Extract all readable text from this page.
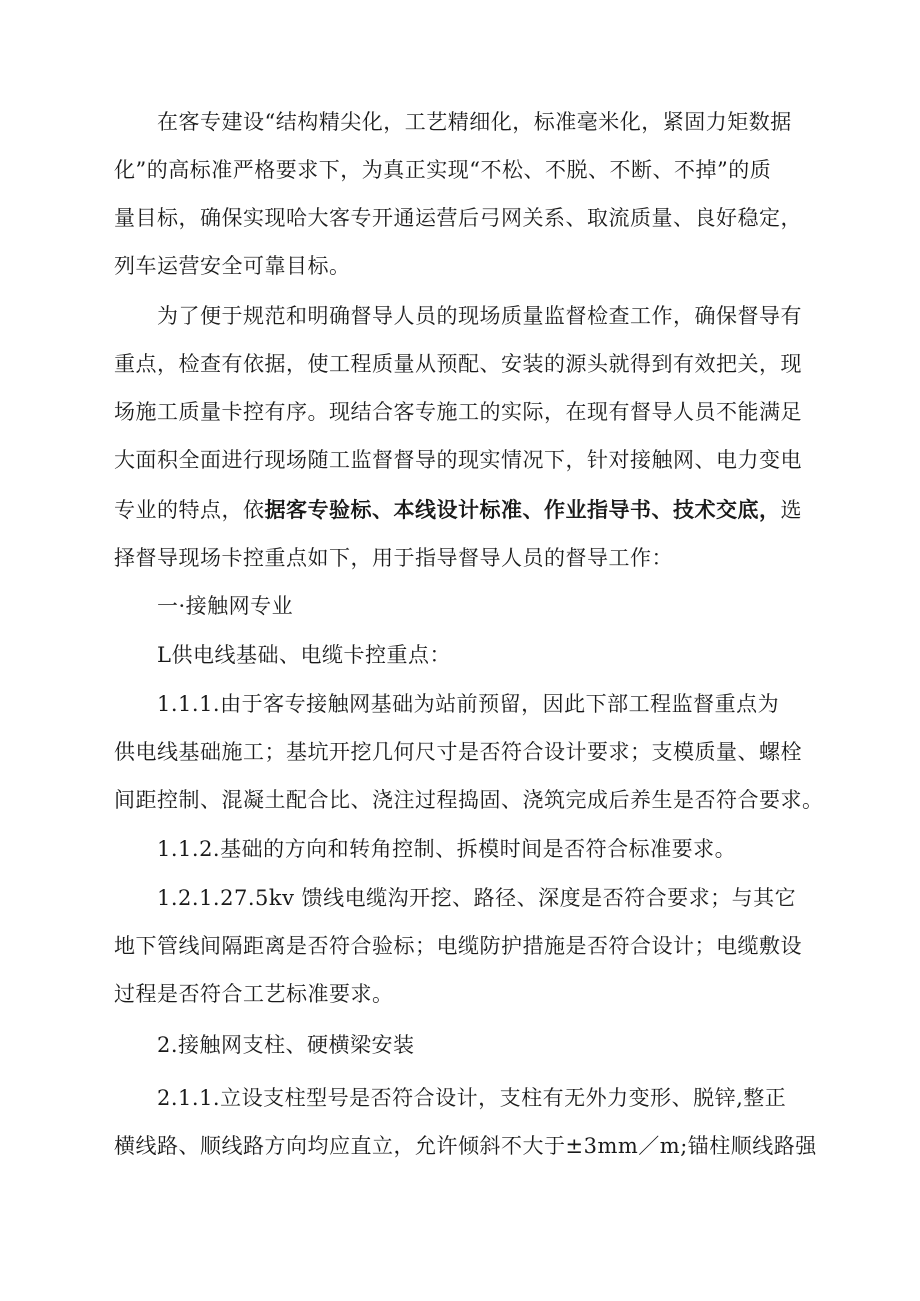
在客专建设“结构精尖化，工艺精细化，标准毫米化，紧固力矩数据
化”的高标准严格要求下，为真正实现“不松、不脱、不断、不掉”的质
量目标，确保实现哈大客专开通运营后弓网关系、取流质量、良好稳定，
列车运营安全可靠目标。
为了便于规范和明确督导人员的现场质量监督检查工作，确保督导有
重点，检查有依据，使工程质量从预配、安装的源头就得到有效把关，现
场施工质量卡控有序。现结合客专施工的实际，在现有督导人员不能满足
大面积全面进行现场随工监督督导的现实情况下，针对接触网、电力变电
专业的特点，依据客专验标、本线设计标准、作业指导书、技术交底，选
择督导现场卡控重点如下，用于指导督导人员的督导工作：
一·接触网专业
L供电线基础、电缆卡控重点：
1.1.1.由于客专接触网基础为站前预留，因此下部工程监督重点为
供电线基础施工；基坑开挖几何尺寸是否符合设计要求；支模质量、螺栓
间距控制、混凝土配合比、浇注过程捣固、浇筑完成后养生是否符合要求。
1.1.2.基础的方向和转角控制、拆模时间是否符合标准要求。
1.2.1.27.5kv 馈线电缆沟开挖、路径、深度是否符合要求；与其它
地下管线间隔距离是否符合验标；电缆防护措施是否符合设计；电缆敷设
过程是否符合工艺标准要求。
2.接触网支柱、硬横梁安装
2.1.1.立设支柱型号是否符合设计，支柱有无外力变形、脱锌,整正
横线路、顺线路方向均应直立，允许倾斜不大于±3mm／m;锚柱顺线路强
